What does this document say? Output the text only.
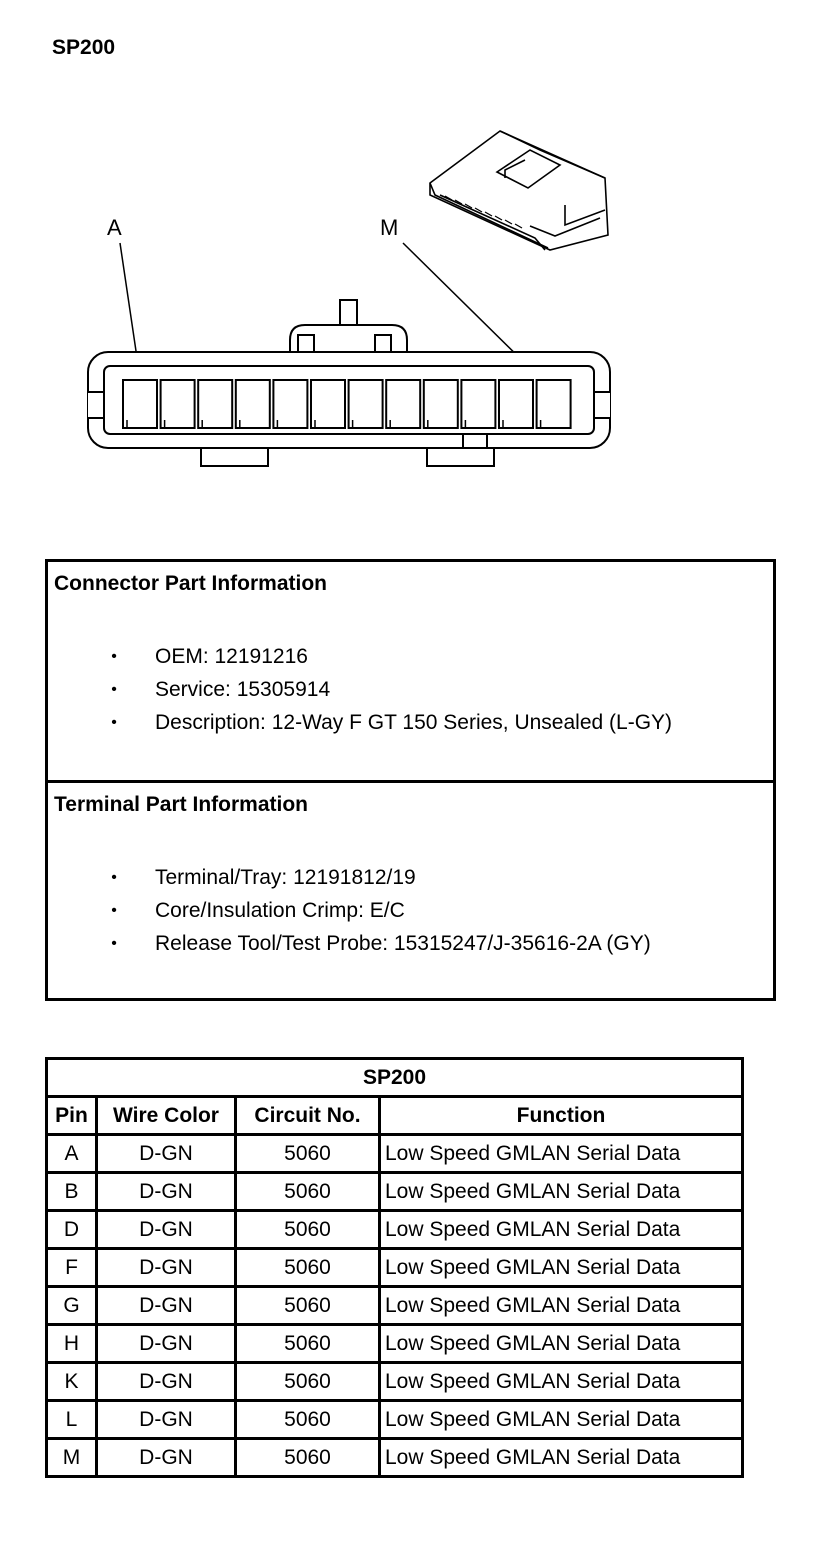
SP200
A	M
Connector Part Information
• OEM: 12191216
• Service: 15305914
• Description: 12-Way F GT 150 Series, Unsealed (L-GY)
Terminal Part Information
• Terminal/Tray: 12191812/19
• Core/Insulation Crimp: E/C
• Release Tool/Test Probe: 15315247/J-35616-2A (GY)
SP200			
Pin	Wire Color	Circuit No.	Function
A	D-GN	5060	Low Speed GMLAN Serial Data
B	D-GN	5060	Low Speed GMLAN Serial Data
D	D-GN	5060	Low Speed GMLAN Serial Data
F	D-GN	5060	Low Speed GMLAN Serial Data
G	D-GN	5060	Low Speed GMLAN Serial Data
H	D-GN	5060	Low Speed GMLAN Serial Data
K	D-GN	5060	Low Speed GMLAN Serial Data
L	D-GN	5060	Low Speed GMLAN Serial Data
M	D-GN	5060	Low Speed GMLAN Serial Data
